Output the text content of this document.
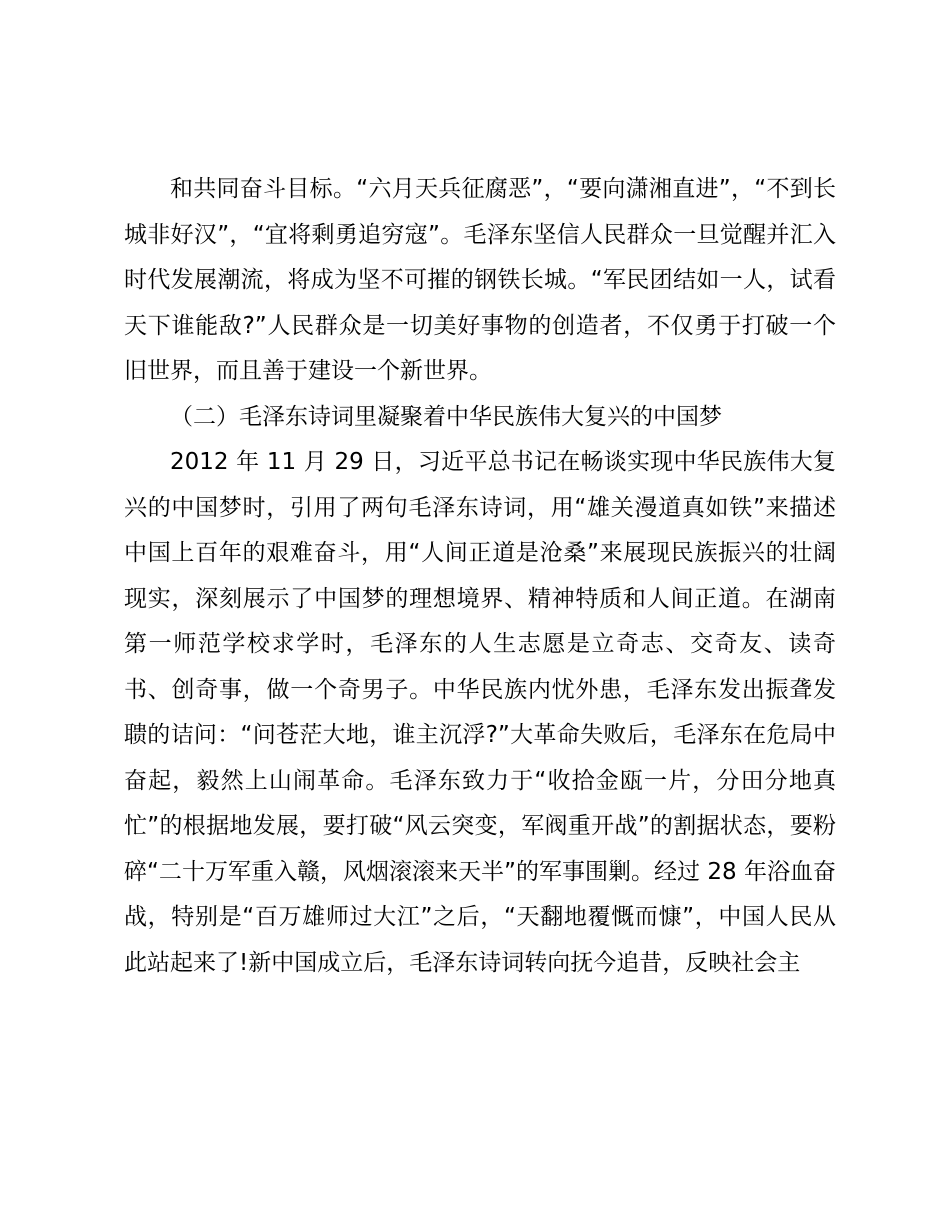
和共同奋斗目标。“六月天兵征腐恶”，“要向潇湘直进”，“不到长城非好汉”，“宜将剩勇追穷寇”。毛泽东坚信人民群众一旦觉醒并汇入时代发展潮流，将成为坚不可摧的钢铁长城。“军民团结如一人，试看天下谁能敌?”人民群众是一切美好事物的创造者，不仅勇于打破一个旧世界，而且善于建设一个新世界。

（二）毛泽东诗词里凝聚着中华民族伟大复兴的中国梦

2012 年 11 月 29 日，习近平总书记在畅谈实现中华民族伟大复兴的中国梦时，引用了两句毛泽东诗词，用“雄关漫道真如铁”来描述中国上百年的艰难奋斗，用“人间正道是沧桑”来展现民族振兴的壮阔现实，深刻展示了中国梦的理想境界、精神特质和人间正道。在湖南第一师范学校求学时，毛泽东的人生志愿是立奇志、交奇友、读奇书、创奇事，做一个奇男子。中华民族内忧外患，毛泽东发出振聋发聩的诘问：“问苍茫大地，谁主沉浮?”大革命失败后，毛泽东在危局中奋起，毅然上山闹革命。毛泽东致力于“收拾金瓯一片，分田分地真忙”的根据地发展，要打破“风云突变，军阀重开战”的割据状态，要粉碎“二十万军重入赣，风烟滚滚来天半”的军事围剿。经过 28 年浴血奋战，特别是“百万雄师过大江”之后，“天翻地覆慨而慷”，中国人民从此站起来了!新中国成立后，毛泽东诗词转向抚今追昔，反映社会主
